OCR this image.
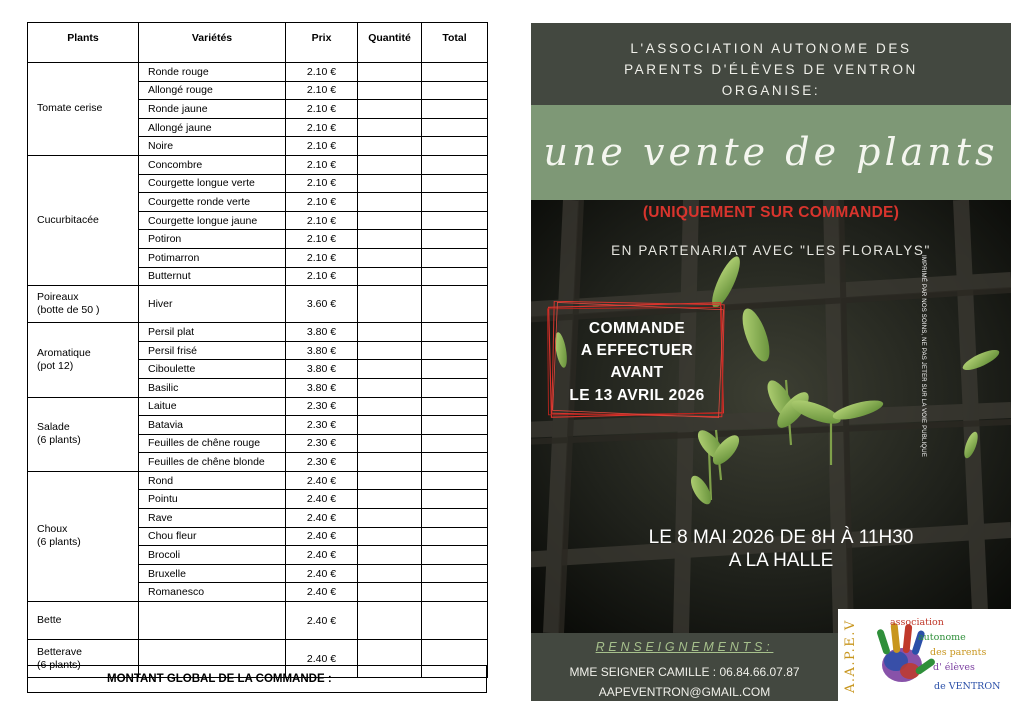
Plants	Variétés	Prix	Quantité	Total
Tomate cerise	Ronde rouge	2.10 €		
	Allongé rouge	2.10 €		
	Ronde jaune	2.10 €		
	Allongé jaune	2.10 €		
	Noire	2.10 €		
Cucurbitacée	Concombre	2.10 €		
	Courgette longue verte	2.10 €		
	Courgette ronde verte	2.10 €		
	Courgette longue jaune	2.10 €		
	Potiron	2.10 €		
	Potimarron	2.10 €		
	Butternut	2.10 €		
Poireaux
(botte de 50 )	Hiver	3.60 €		
Aromatique
(pot 12)	Persil plat	3.80 €		
	Persil frisé	3.80 €		
	Ciboulette	3.80 €		
	Basilic	3.80 €		
Salade
(6 plants)	Laitue	2.30 €		
	Batavia	2.30 €		
	Feuilles de chêne rouge	2.30 €		
	Feuilles de chêne blonde	2.30 €		
Choux
(6 plants)	Rond	2.40 €		
	Pointu	2.40 €		
	Rave	2.40 €		
	Chou fleur	2.40 €		
	Brocoli	2.40 €		
	Bruxelle	2.40 €		
	Romanesco	2.40 €		
Bette		2.40 €		
Betterave
(6 plants)		2.40 €		
MONTANT GLOBAL DE LA COMMANDE :
L'ASSOCIATION AUTONOME DES
PARENTS D'ÉLÈVES DE VENTRON
ORGANISE:
une vente de plants
(UNIQUEMENT SUR COMMANDE)
EN PARTENARIAT AVEC "LES FLORALYS"
COMMANDE
A EFFECTUER
AVANT
LE 13 AVRIL 2026	IMPRIMÉ PAR NOS SOINS, NE PAS JETER SUR LA VOIE PUBLIQUE
LE 8 MAI 2026 DE 8H À 11H30
A LA HALLE
RENSEIGNEMENTS:
MME SEIGNER CAMILLE : 06.84.66.07.87
AAPEVENTRON@GMAIL.COM	A.A.P.E.V	association
autonome
des parents
d' élèves
de VENTRON
